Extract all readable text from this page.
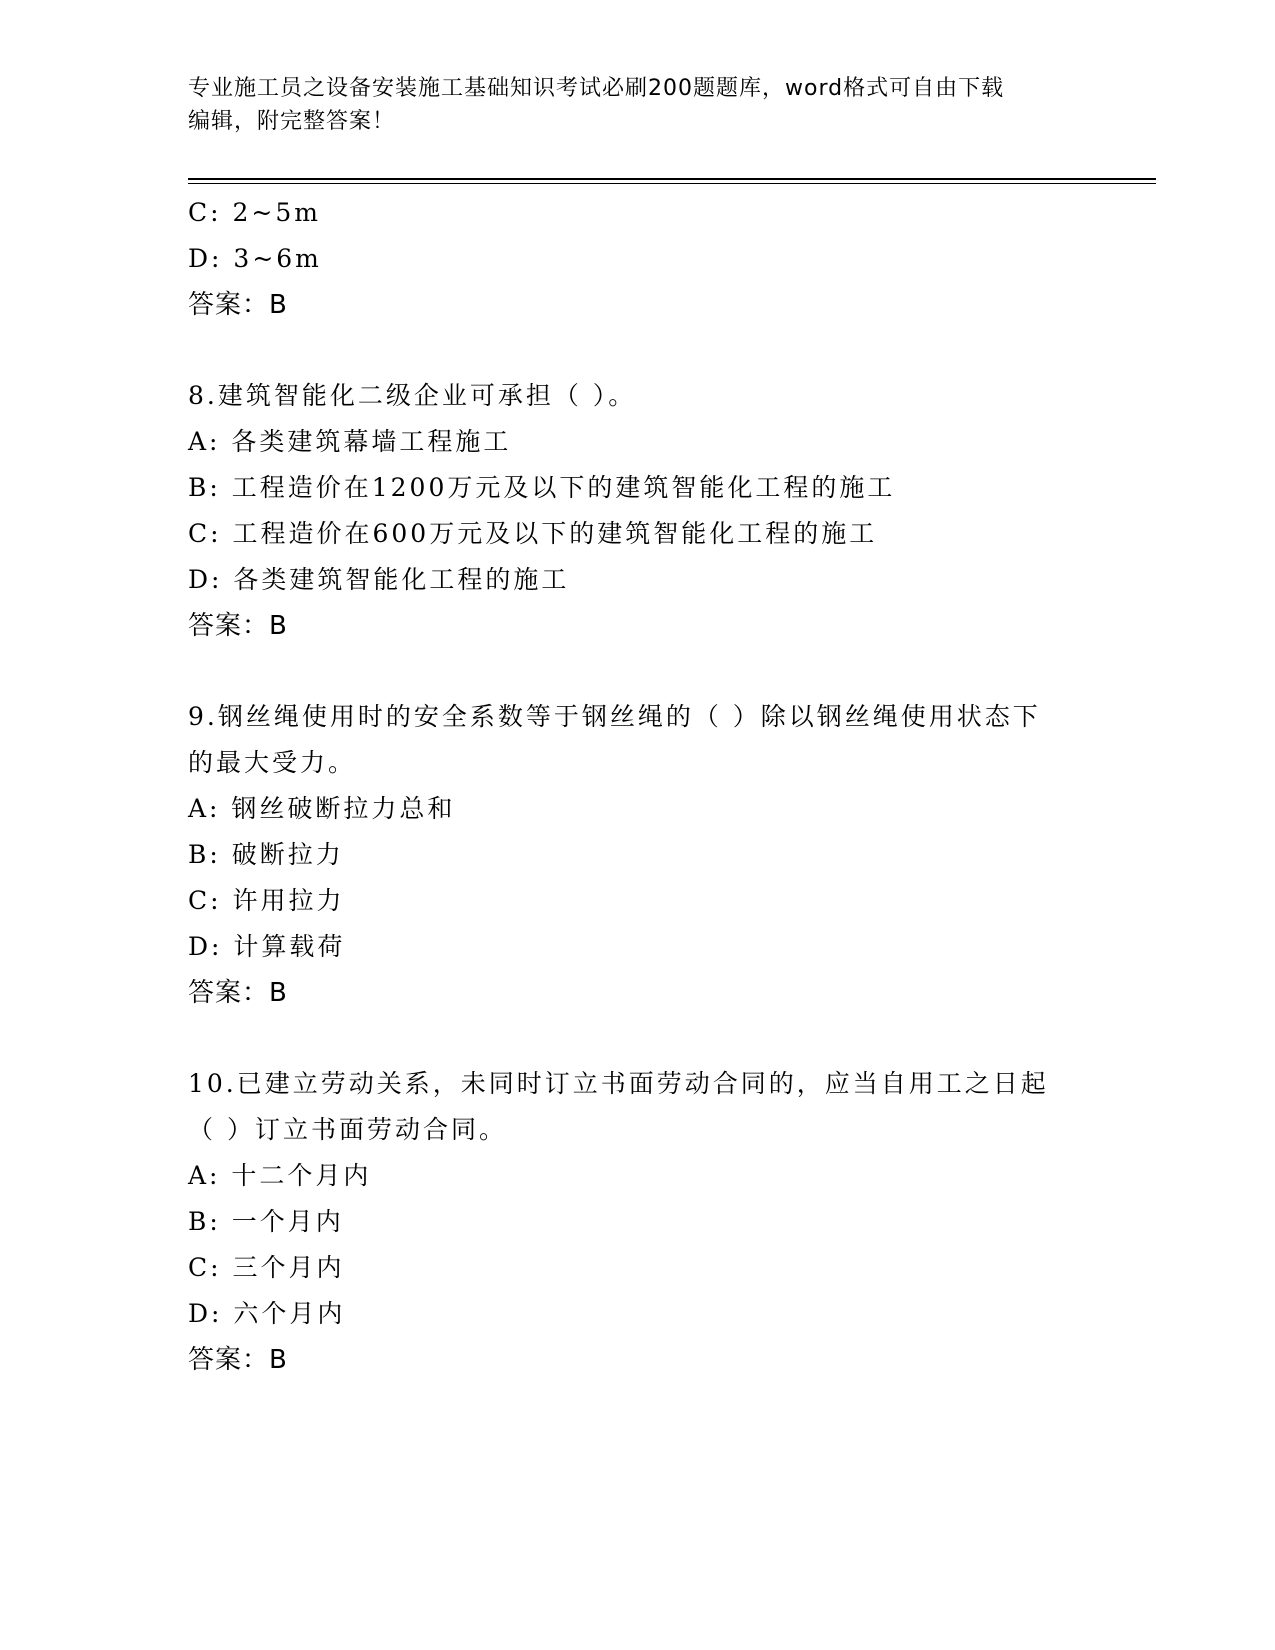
专业施工员之设备安装施工基础知识考试必刷200题题库，word格式可自由下载
编辑，附完整答案！
C: 2~5m
D: 3~6m
答案：B
8.建筑智能化二级企业可承担（ ）。
A: 各类建筑幕墙工程施工
B: 工程造价在1200万元及以下的建筑智能化工程的施工
C: 工程造价在600万元及以下的建筑智能化工程的施工
D: 各类建筑智能化工程的施工
答案：B
9.钢丝绳使用时的安全系数等于钢丝绳的（ ）除以钢丝绳使用状态下
的最大受力。
A: 钢丝破断拉力总和
B: 破断拉力
C: 许用拉力
D: 计算载荷
答案：B
10.已建立劳动关系，未同时订立书面劳动合同的，应当自用工之日起
（ ）订立书面劳动合同。
A: 十二个月内
B: 一个月内
C: 三个月内
D: 六个月内
答案：B
